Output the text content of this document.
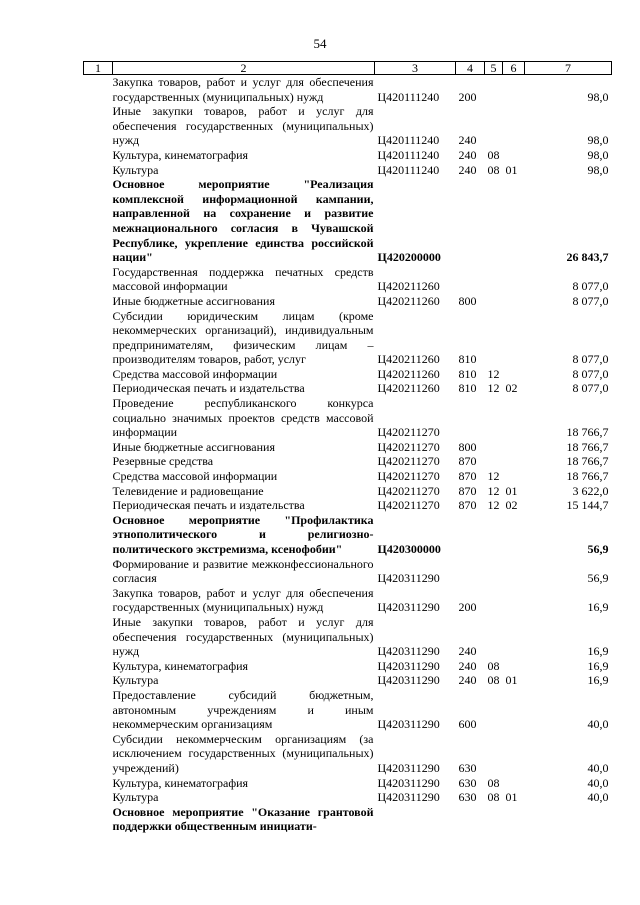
54
1	2	3	4	5	6	7
	Закупка товаров, работ и услуг для обеспечения государственных (муниципальных) нужд	Ц420111240	200			98,0
	Иные закупки товаров, работ и услуг для обеспечения государственных (муниципальных) нужд	Ц420111240	240			98,0
	Культура, кинематография	Ц420111240	240	08		98,0
	Культура	Ц420111240	240	08	01	98,0
	Основное мероприятие "Реализация комплексной информационной кампании, направленной на сохранение и развитие межнационального согласия в Чувашской Республике, укрепление единства российской нации"	Ц420200000				26 843,7
	Государственная поддержка печатных средств массовой информации	Ц420211260				8 077,0
	Иные бюджетные ассигнования	Ц420211260	800			8 077,0
	Субсидии юридическим лицам (кроме некоммерческих организаций), индивидуальным предпринимателям, физическим лицам – производителям товаров, работ, услуг	Ц420211260	810			8 077,0
	Средства массовой информации	Ц420211260	810	12		8 077,0
	Периодическая печать и издательства	Ц420211260	810	12	02	8 077,0
	Проведение республиканского конкурса социально значимых проектов средств массовой информации	Ц420211270				18 766,7
	Иные бюджетные ассигнования	Ц420211270	800			18 766,7
	Резервные средства	Ц420211270	870			18 766,7
	Средства массовой информации	Ц420211270	870	12		18 766,7
	Телевидение и радиовещание	Ц420211270	870	12	01	3 622,0
	Периодическая печать и издательства	Ц420211270	870	12	02	15 144,7
	Основное мероприятие "Профилактика этнополитического и религиозно-политического экстремизма, ксенофобии"	Ц420300000				56,9
	Формирование и развитие межконфессионального согласия	Ц420311290				56,9
	Закупка товаров, работ и услуг для обеспечения государственных (муниципальных) нужд	Ц420311290	200			16,9
	Иные закупки товаров, работ и услуг для обеспечения государственных (муниципальных) нужд	Ц420311290	240			16,9
	Культура, кинематография	Ц420311290	240	08		16,9
	Культура	Ц420311290	240	08	01	16,9
	Предоставление субсидий бюджетным, автономным учреждениям и иным некоммерческим организациям	Ц420311290	600			40,0
	Субсидии некоммерческим организациям (за исключением государственных (муниципальных) учреждений)	Ц420311290	630			40,0
	Культура, кинематография	Ц420311290	630	08		40,0
	Культура	Ц420311290	630	08	01	40,0
	Основное мероприятие "Оказание грантовой поддержки общественным инициати-					
